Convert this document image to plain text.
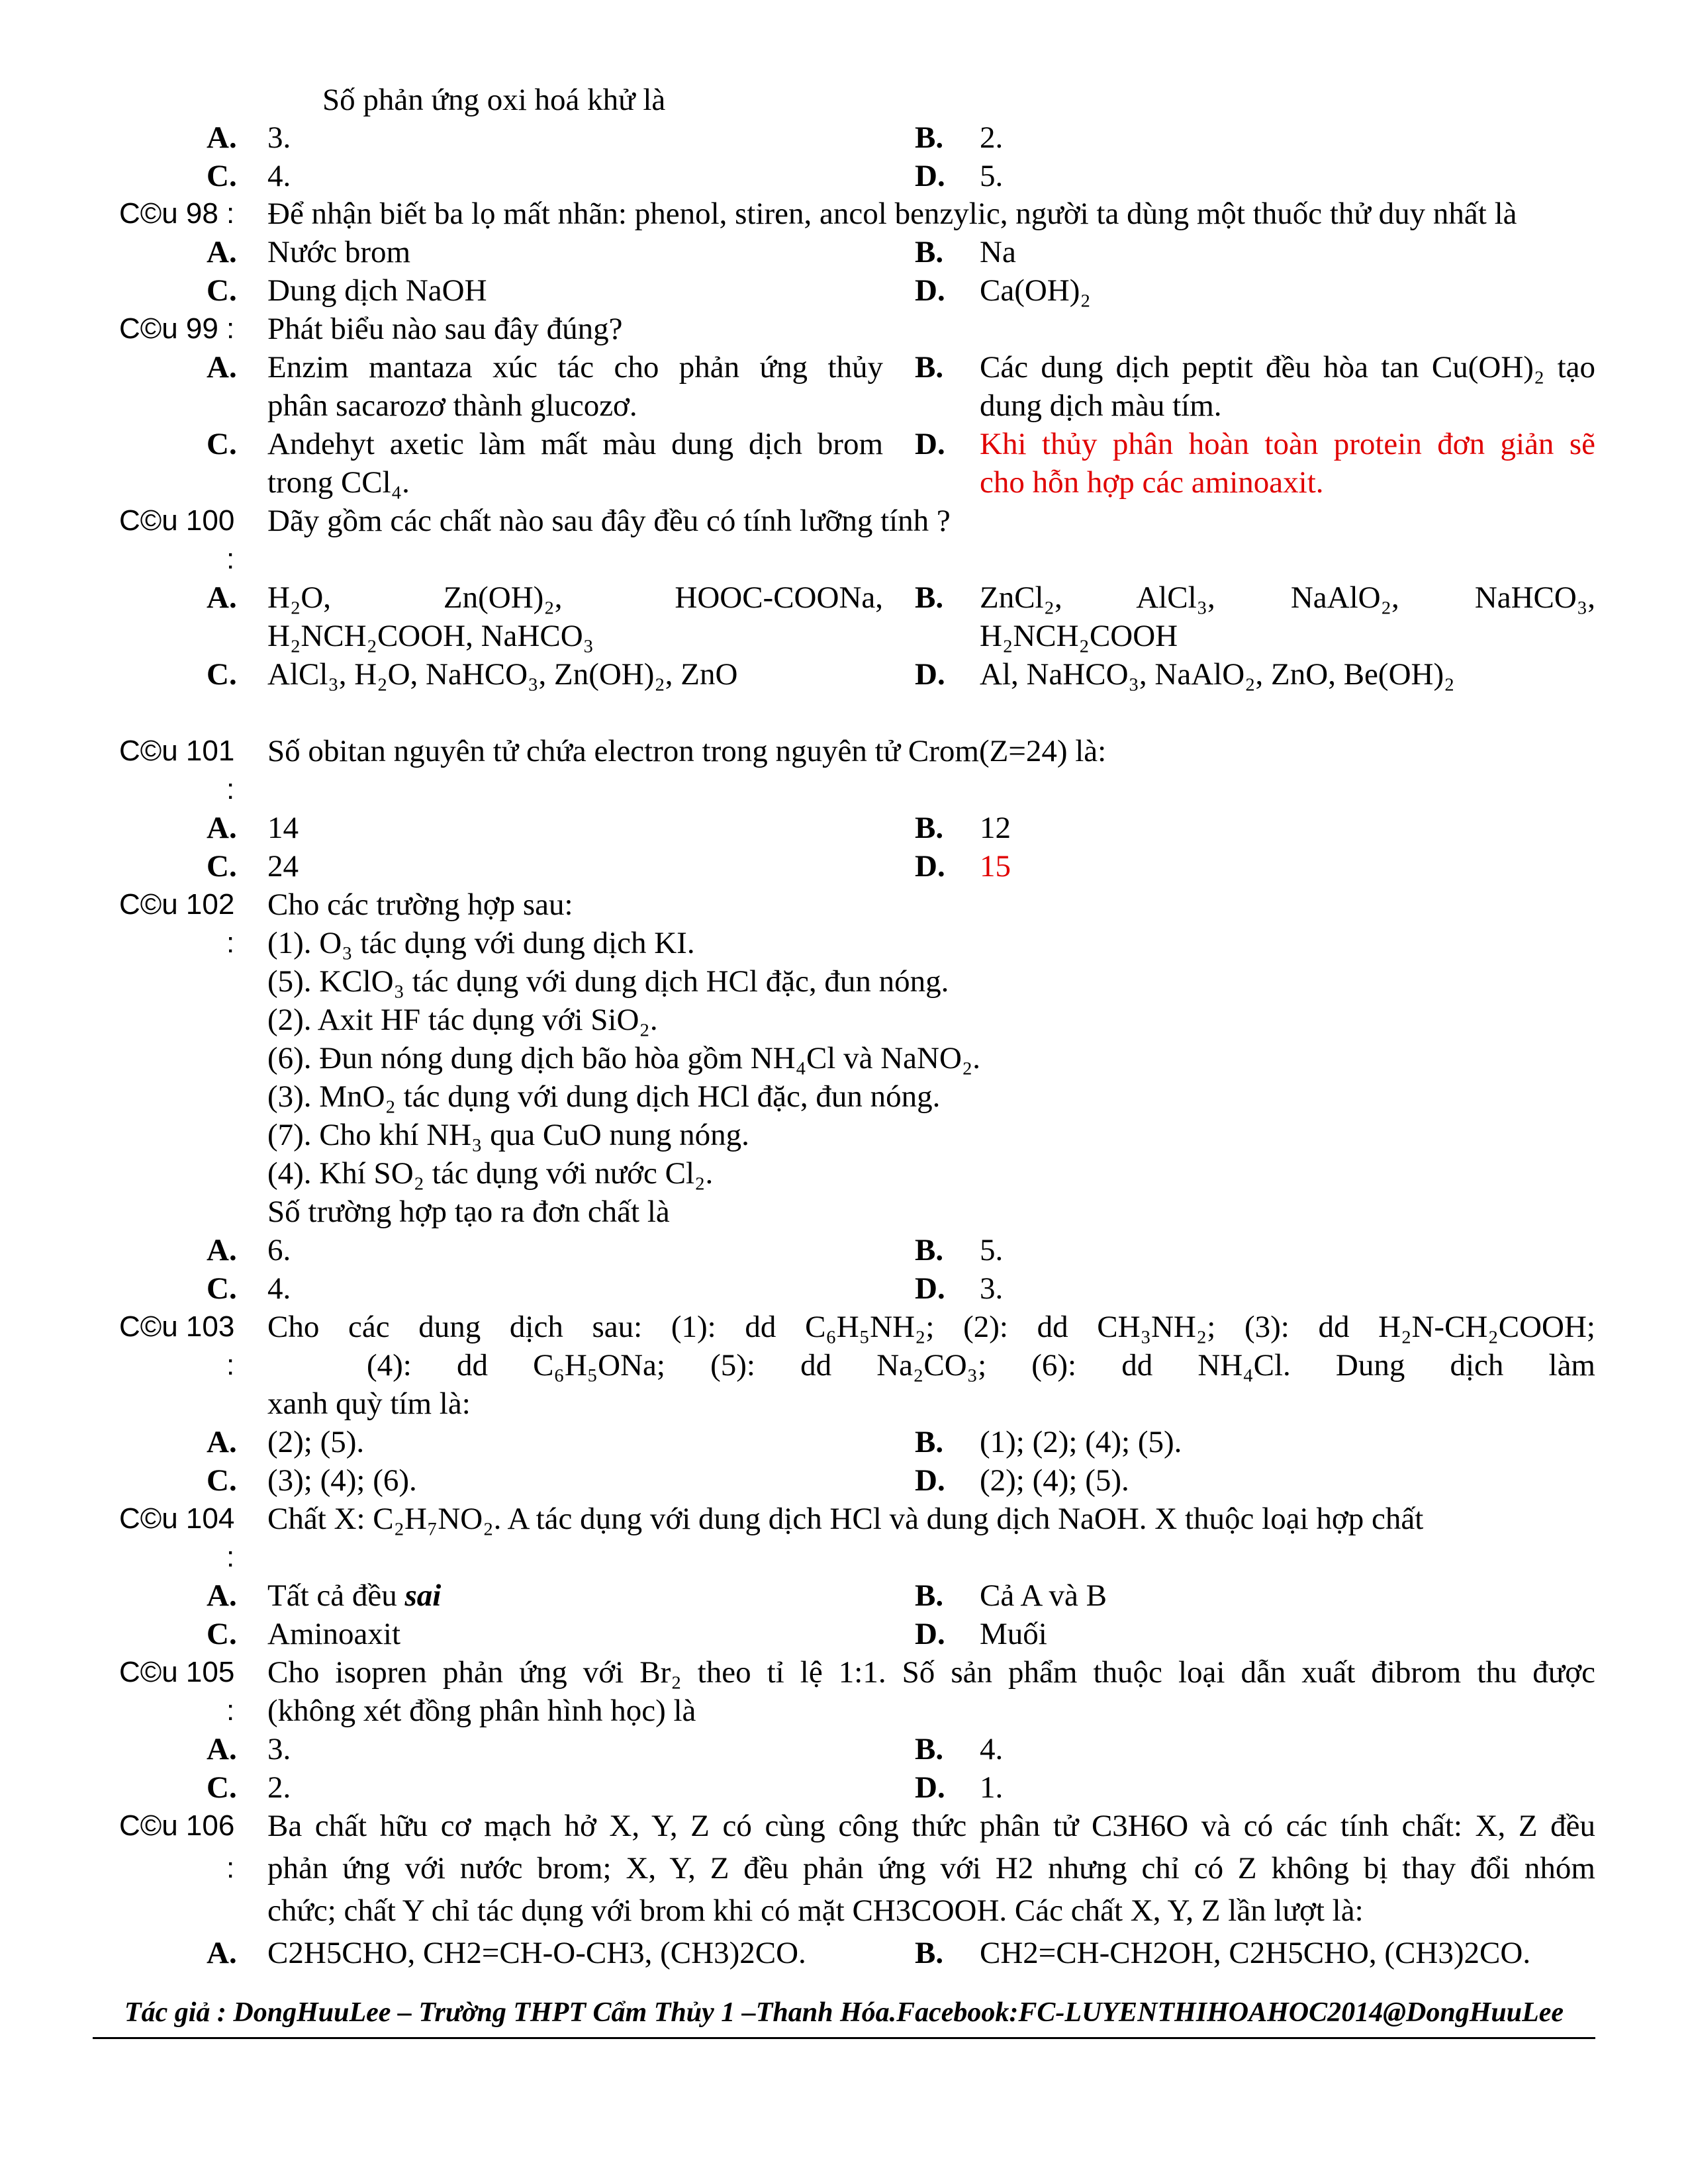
Số phản ứng oxi hoá khử là
A. 3.	B. 2.
C. 4.	D. 5.
C©u 98 : Để nhận biết ba lọ mất nhãn: phenol, stiren, ancol benzylic, người ta dùng một thuốc thử duy nhất là
A. Nước brom	B. Na
C. Dung dịch NaOH	D. Ca(OH)₂
C©u 99 : Phát biểu nào sau đây đúng?
A. Enzim mantaza xúc tác cho phản ứng thủy
phân sacarozơ thành glucozơ.
B. Các dung dịch peptit đều hòa tan Cu(OH)₂ tạo
dung dịch màu tím.
C. Andehyt axetic làm mất màu dung dịch brom
trong CCl₄.
D. Khi thủy phân hoàn toàn protein đơn giản sẽ
cho hỗn hợp các aminoaxit.
C©u 100
:
Dãy gồm các chất nào sau đây đều có tính lưỡng tính ?
A. H₂O, Zn(OH)₂, HOOC-COONa,
H₂NCH₂COOH, NaHCO₃
B. ZnCl₂, AlCl₃, NaAlO₂, NaHCO₃,
H₂NCH₂COOH
C. AlCl₃, H₂O, NaHCO₃, Zn(OH)₂, ZnO	D. Al, NaHCO₃, NaAlO₂, ZnO, Be(OH)₂
C©u 101
:
Số obitan nguyên tử chứa electron trong nguyên tử Crom(Z=24) là:
A. 14	B. 12
C. 24	D. 15
C©u 102
:
Cho các trường hợp sau:
(1). O₃ tác dụng với dung dịch KI.
(5). KClO₃ tác dụng với dung dịch HCl đặc, đun nóng.
(2). Axit HF tác dụng với SiO₂.
(6). Đun nóng dung dịch bão hòa gồm NH₄Cl và NaNO₂.
(3). MnO₂ tác dụng với dung dịch HCl đặc, đun nóng.
(7). Cho khí NH₃ qua CuO nung nóng.
(4). Khí SO₂ tác dụng với nước Cl₂.
Số trường hợp tạo ra đơn chất là
A. 6.	B. 5.
C. 4.	D. 3.
C©u 103
:
Cho các dung dịch sau: (1): dd C₆H₅NH₂; (2): dd CH₃NH₂; (3): dd H₂N-CH₂COOH;
(4): dd C₆H₅ONa; (5): dd Na₂CO₃; (6): dd NH₄Cl. Dung dịch làm
xanh quỳ tím là:
A. (2); (5).	B. (1); (2); (4); (5).
C. (3); (4); (6).	D. (2); (4); (5).
C©u 104
:
Chất X: C₂H₇NO₂. A tác dụng với dung dịch HCl và dung dịch NaOH. X thuộc loại hợp chất
A. Tất cả đều sai	B. Cả A và B
C. Aminoaxit	D. Muối
C©u 105
:
Cho isopren phản ứng với Br₂ theo tỉ lệ 1:1. Số sản phẩm thuộc loại dẫn xuất đibrom thu được
(không xét đồng phân hình học) là
A. 3.	B. 4.
C. 2.	D. 1.
C©u 106
:
Ba chất hữu cơ mạch hở X, Y, Z có cùng công thức phân tử C3H6O và có các tính chất: X, Z đều
phản ứng với nước brom; X, Y, Z đều phản ứng với H2 nhưng chỉ có Z không bị thay đổi nhóm
chức; chất Y chỉ tác dụng với brom khi có mặt CH3COOH. Các chất X, Y, Z lần lượt là:
A. C2H5CHO, CH2=CH-O-CH3, (CH3)2CO.	B. CH2=CH-CH2OH, C2H5CHO, (CH3)2CO.
Tác giả : DongHuuLee – Trường THPT Cẩm Thủy 1 –Thanh Hóa.Facebook:FC-LUYENTHIHOAHOC2014@DongHuuLee
